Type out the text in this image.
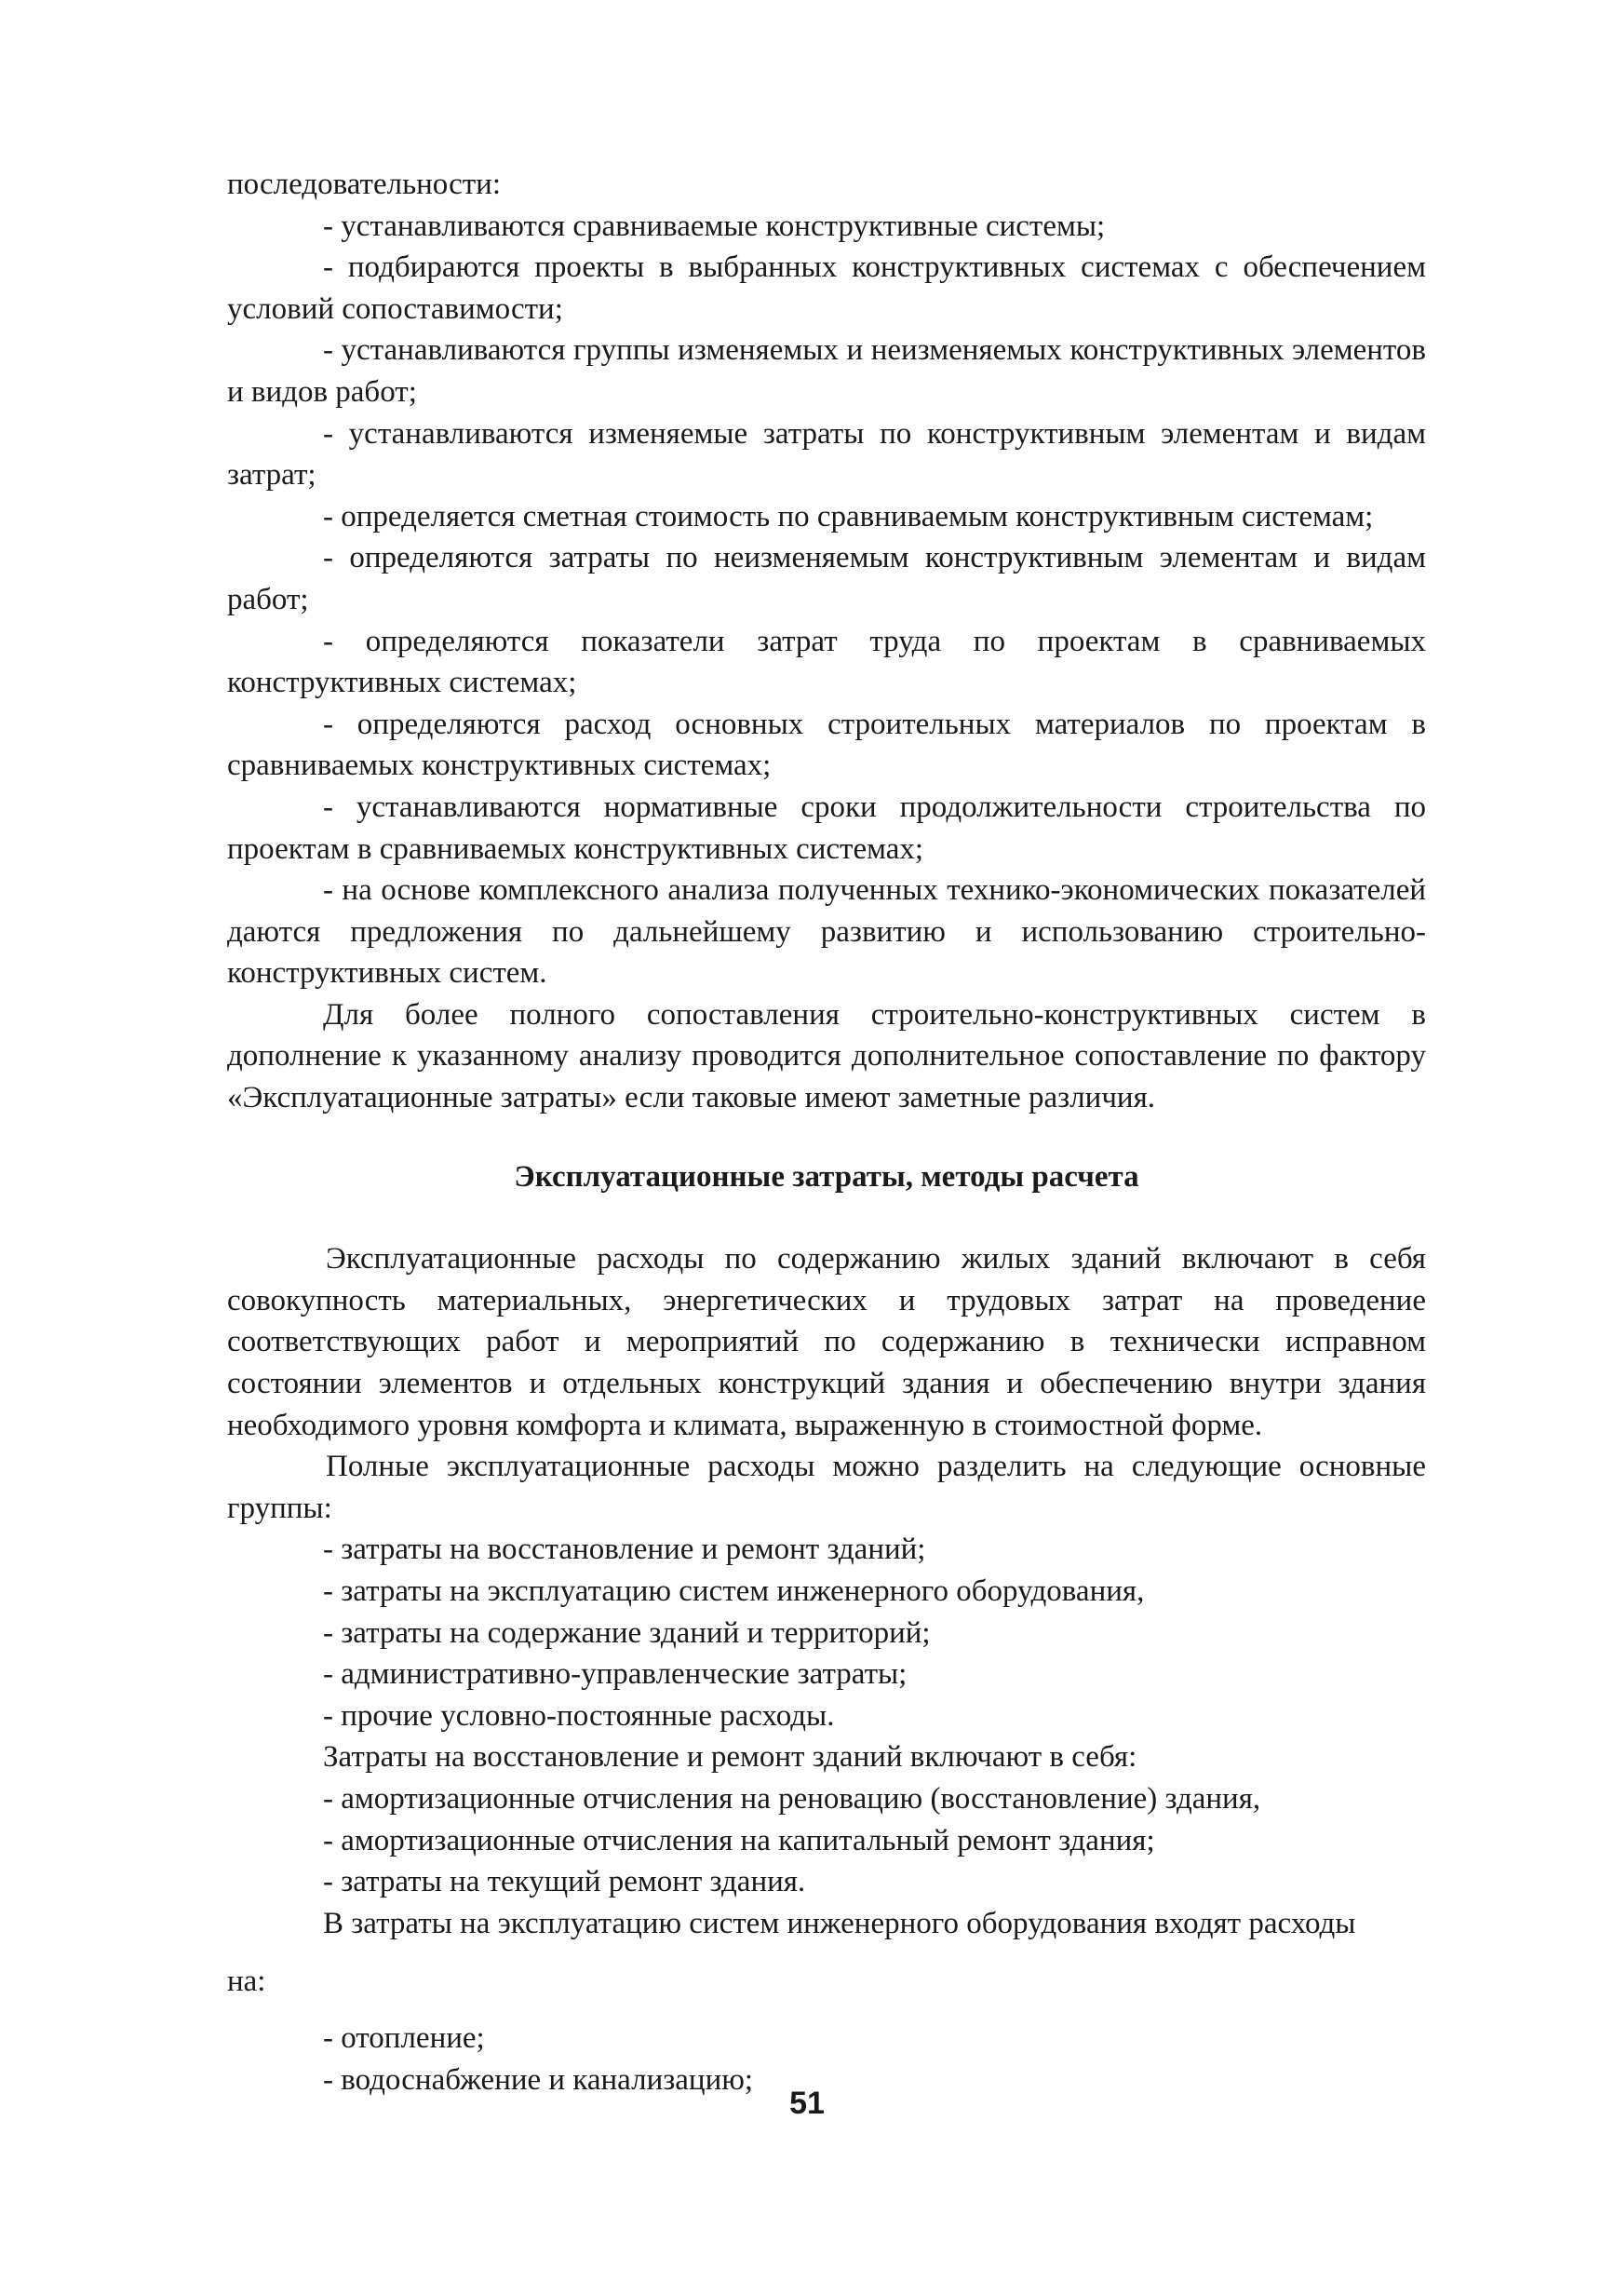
последовательности:

- устанавливаются сравниваемые конструктивные системы;

- подбираются проекты в выбранных конструктивных системах с обеспечением условий сопоставимости;

- устанавливаются группы изменяемых и неизменяемых конструктивных элементов и видов работ;

- устанавливаются изменяемые затраты по конструктивным элементам и видам затрат;

- определяется сметная стоимость по сравниваемым конструктивным системам;

- определяются затраты по неизменяемым конструктивным элементам и видам работ;

- определяются показатели затрат труда по проектам в сравниваемых конструктивных системах;

- определяются расход основных строительных материалов по проектам в сравниваемых конструктивных системах;

- устанавливаются нормативные сроки продолжительности строительства по проектам в сравниваемых конструктивных системах;

- на основе комплексного анализа полученных технико-экономических показателей даются предложения по дальнейшему развитию и использованию строительно-конструктивных систем.

Для более полного сопоставления строительно-конструктивных систем в дополнение к указанному анализу проводится дополнительное сопоставление по фактору «Эксплуатационные затраты» если таковые имеют заметные различия.

Эксплуатационные затраты, методы расчета

Эксплуатационные расходы по содержанию жилых зданий включают в себя совокупность материальных, энергетических и трудовых затрат на проведение соответствующих работ и мероприятий по содержанию в технически исправном состоянии элементов и отдельных конструкций здания и обеспечению внутри здания необходимого уровня комфорта и климата, выраженную в стоимостной форме.

Полные эксплуатационные расходы можно разделить на следующие основные группы:

- затраты на восстановление и ремонт зданий;

- затраты на эксплуатацию систем инженерного оборудования,

- затраты на содержание зданий и территорий;

- административно-управленческие затраты;

- прочие условно-постоянные расходы.

Затраты на восстановление и ремонт зданий включают в себя:

- амортизационные отчисления на реновацию (восстановление) здания,

- амортизационные отчисления на капитальный ремонт здания;

- затраты на текущий ремонт здания.

В затраты на эксплуатацию систем инженерного оборудования входят расходы

на:

- отопление;

- водоснабжение и канализацию;

51
